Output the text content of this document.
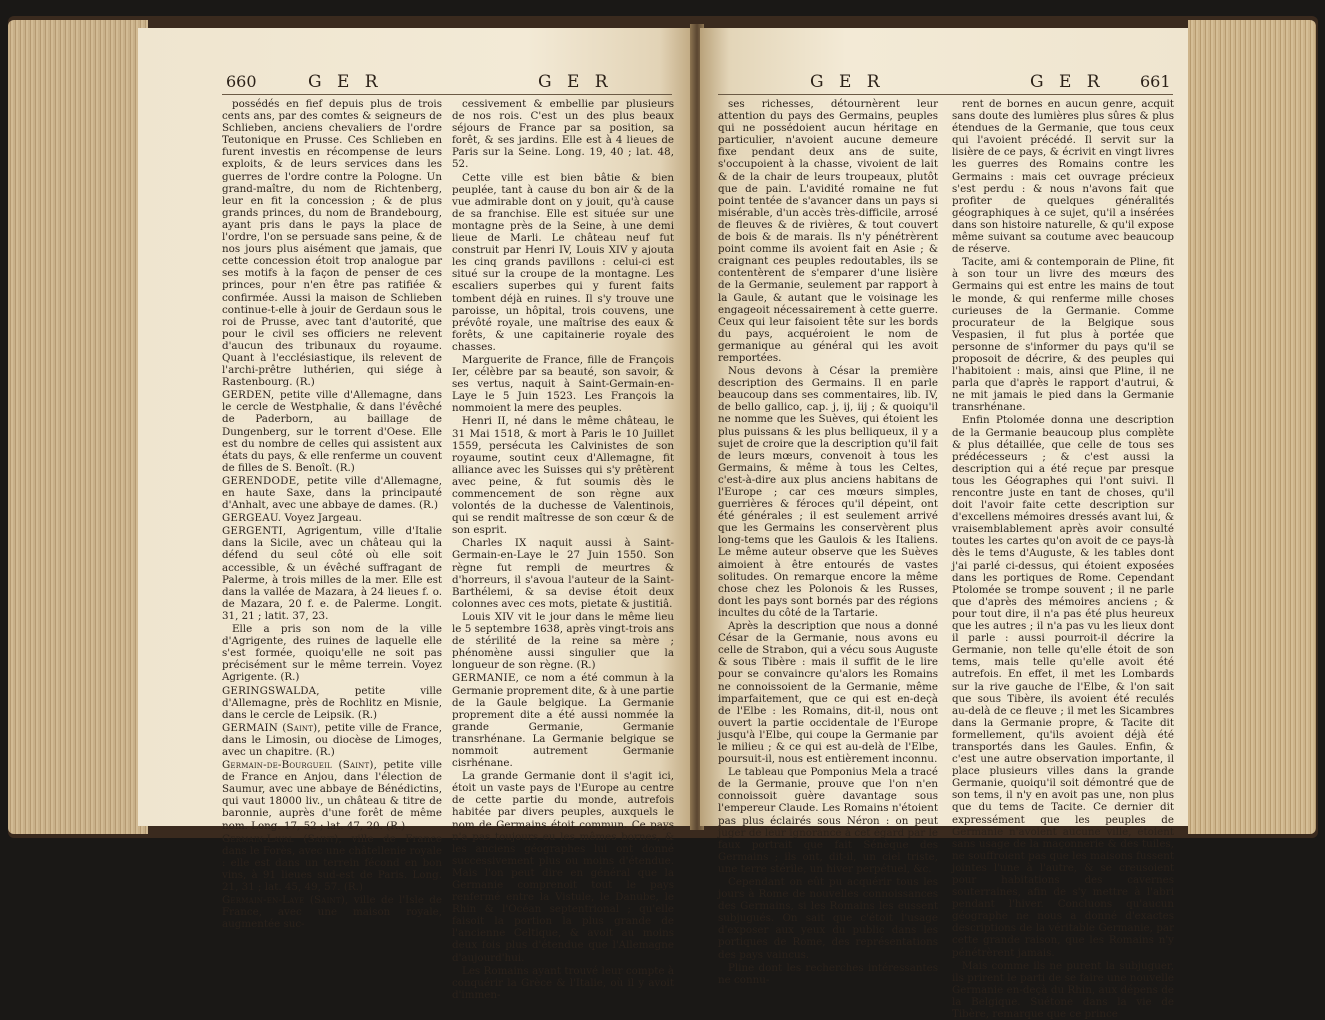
660	G E R	G E R

possédés en fief depuis plus de trois cents ans, par des comtes & seigneurs de Schlieben, anciens chevaliers de l'ordre Teutonique en Prusse. Ces Schlieben en furent investis en récompense de leurs exploits, & de leurs services dans les guerres de l'ordre contre la Pologne. Un grand-maître, du nom de Richtenberg, leur en fit la concession ; & de plus grands princes, du nom de Brandebourg, ayant pris dans le pays la place de l'ordre, l'on se persuade sans peine, & de nos jours plus aisément que jamais, que cette concession étoit trop analogue par ses motifs à la façon de penser de ces princes, pour n'en être pas ratifiée & confirmée. Aussi la maison de Schlieben continue-t-elle à jouir de Gerdaun sous le roi de Prusse, avec tant d'autorité, que pour le civil ses officiers ne relevent d'aucun des tribunaux du royaume. Quant à l'ecclésiastique, ils relevent de l'archi-prêtre luthérien, qui siége à Rastenbourg. (R.)

GERDEN, petite ville d'Allemagne, dans le cercle de Westphalie, & dans l'évêché de Paderborn, au baillage de Dungenberg, sur le torrent d'Oese. Elle est du nombre de celles qui assistent aux états du pays, & elle renferme un couvent de filles de S. Benoît. (R.)

GERENDODE, petite ville d'Allemagne, en haute Saxe, dans la principauté d'Anhalt, avec une abbaye de dames. (R.)

GERGEAU. Voyez Jargeau.

GERGENTI, Agrigentum, ville d'Italie dans la Sicile, avec un château qui la défend du seul côté où elle soit accessible, & un évêché suffragant de Palerme, à trois milles de la mer. Elle est dans la vallée de Mazara, à 24 lieues f. o. de Mazara, 20 f. e. de Palerme. Longit. 31, 21 ; latit. 37, 23.

Elle a pris son nom de la ville d'Agrigente, des ruines de laquelle elle s'est formée, quoiqu'elle ne soit pas précisément sur le même terrein. Voyez Agrigente. (R.)

GERINGSWALDA, petite ville d'Allemagne, près de Rochlitz en Misnie, dans le cercle de Leipsik. (R.)

GERMAIN (Saint), petite ville de France, dans le Limosin, ou diocèse de Limoges, avec un chapitre. (R.)

Germain-de-Bourgueil (Saint), petite ville de France en Anjou, dans l'élection de Saumur, avec une abbaye de Bénédictins, qui vaut 18000 liv., un château & titre de baronnie, auprès d'une forêt de même nom. Long. 17, 52 ; lat. 47, 20. (R.)

Germain-Laval (Saint), ville de France dans le Forès, avec une châtellenie royale : elle est dans un terrein fécond en bon vins, à 91 lieues sud-est de Paris. Long. 21, 31 ; lat. 45, 49, 57. (R.)

Germain-en-Laye (Saint), ville de l'Isle de France, avec une maison royale, augmentée suc-

cessivement & embellie par plusieurs de nos rois. C'est un des plus beaux séjours de France par sa position, sa forêt, & ses jardins. Elle est à 4 lieues de Paris sur la Seine. Long. 19, 40 ; lat. 48, 52.

Cette ville est bien bâtie & bien peuplée, tant à cause du bon air & de la vue admirable dont on y jouit, qu'à cause de sa franchise. Elle est située sur une montagne près de la Seine, à une demi lieue de Marli. Le château neuf fut construit par Henri IV, Louis XIV y ajouta les cinq grands pavillons : celui-ci est situé sur la croupe de la montagne. Les escaliers superbes qui y furent faits tombent déjà en ruines. Il s'y trouve une paroisse, un hôpital, trois couvens, une prévôté royale, une maîtrise des eaux & forêts, & une capitainerie royale des chasses.

Marguerite de France, fille de François Ier, célèbre par sa beauté, son savoir, & ses vertus, naquit à Saint-Germain-en-Laye le 5 Juin 1523. Les François la nommoient la mere des peuples.

Henri II, né dans le même château, le 31 Mai 1518, & mort à Paris le 10 Juillet 1559, persécuta les Calvinistes de son royaume, soutint ceux d'Allemagne, fit alliance avec les Suisses qui s'y prêtèrent avec peine, & fut soumis dès le commencement de son règne aux volontés de la duchesse de Valentinois, qui se rendit maîtresse de son cœur & de son esprit.

Charles IX naquit aussi à Saint-Germain-en-Laye le 27 Juin 1550. Son règne fut rempli de meurtres & d'horreurs, il s'avoua l'auteur de la Saint-Barthélemi, & sa devise étoit deux colonnes avec ces mots, pietate & justitiâ.

Louis XIV vit le jour dans le même lieu le 5 septembre 1638, après vingt-trois ans de stérilité de la reine sa mère ; phénomène aussi singulier que la longueur de son règne. (R.)

GERMANIE, ce nom a été commun à la Germanie proprement dite, & à une partie de la Gaule belgique. La Germanie proprement dite a été aussi nommée la grande Germanie, Germanie transrhénane. La Germanie belgique se nommoit autrement Germanie cisrhénane.

La grande Germanie dont il s'agit ici, étoit un vaste pays de l'Europe au centre de cette partie du monde, autrefois habitée par divers peuples, auxquels le nom de Germains étoit commun. Ce pays n'a pas toujours eu les mêmes bornes, & les anciens géographes lui ont donné successivement plus ou moins d'étendue. Mais l'on peut dire en général que la Germanie comprenoit tout le pays renfermé entre la Vistule, le Danube, le Rhin & l'Océan septentrional ; qu'elle faisoit la portion la plus grande de l'ancienne Celtique, & avoit au moins deux fois plus d'étendue que l'Allemagne d'aujourd'hui.

Les Romains ayant trouvé leur compte à conquérir la Grèce & l'Italie, où il y avoit d'immen-

G E R	G E R 661

ses richesses, détournèrent leur attention du pays des Germains, peuples qui ne possédoient aucun héritage en particulier, n'avoient aucune demeure fixe pendant deux ans de suite, s'occupoient à la chasse, vivoient de lait & de la chair de leurs troupeaux, plutôt que de pain. L'avidité romaine ne fut point tentée de s'avancer dans un pays si misérable, d'un accès très-difficile, arrosé de fleuves & de rivières, & tout couvert de bois & de marais. Ils n'y pénétrèrent point comme ils avoient fait en Asie ; & craignant ces peuples redoutables, ils se contentèrent de s'emparer d'une lisière de la Germanie, seulement par rapport à la Gaule, & autant que le voisinage les engageoit nécessairement à cette guerre. Ceux qui leur faisoient tête sur les bords du pays, acquéroient le nom de germanique au général qui les avoit remportées.

Nous devons à César la première description des Germains. Il en parle beaucoup dans ses commentaires, lib. IV, de bello gallico, cap. j, ij, iij ; & quoiqu'il ne nomme que les Suèves, qui étoient les plus puissans & les plus belliqueux, il y a sujet de croire que la description qu'il fait de leurs mœurs, convenoit à tous les Germains, & même à tous les Celtes, c'est-à-dire aux plus anciens habitans de l'Europe ; car ces mœurs simples, guerrières & féroces qu'il dépeint, ont été générales ; il est seulement arrivé que les Germains les conservèrent plus long-tems que les Gaulois & les Italiens. Le même auteur observe que les Suèves aimoient à être entourés de vastes solitudes. On remarque encore la même chose chez les Polonois & les Russes, dont les pays sont bornés par des régions incultes du côté de la Tartarie.

Après la description que nous a donné César de la Germanie, nous avons eu celle de Strabon, qui a vécu sous Auguste & sous Tibère : mais il suffit de le lire pour se convaincre qu'alors les Romains ne connoissoient de la Germanie, même imparfaitement, que ce qui est en-deçà de l'Elbe : les Romains, dit-il, nous ont ouvert la partie occidentale de l'Europe jusqu'à l'Elbe, qui coupe la Germanie par le milieu ; & ce qui est au-delà de l'Elbe, poursuit-il, nous est entièrement inconnu.

Le tableau que Pomponius Mela a tracé de la Germanie, prouve que l'on n'en connoissoit guère davantage sous l'empereur Claude. Les Romains n'étoient pas plus éclairés sous Néron : on peut juger de leur ignorance à cet égard par le faux portrait que fait Sénèque des Germains ; ils ont, dit-il, un ciel triste, une terre stérile, un hiver perpétuel, &c.

Cependant on eût pu acquérir tous les jours à Rome de nouvelles connoissances des Germains, si les Romains les eussent subjugués. On sait que c'étoit l'usage d'exposer aux yeux du public dans les portiques de Rome, des représentations des pays vaincus.

Pline dont les recherches intéressantes ne connu-

rent de bornes en aucun genre, acquit sans doute des lumières plus sûres & plus étendues de la Germanie, que tous ceux qui l'avoient précédé. Il servit sur la lisière de ce pays, & écrivit en vingt livres les guerres des Romains contre les Germains : mais cet ouvrage précieux s'est perdu : & nous n'avons fait que profiter de quelques généralités géographiques à ce sujet, qu'il a insérées dans son histoire naturelle, & qu'il expose même suivant sa coutume avec beaucoup de réserve.

Tacite, ami & contemporain de Pline, fit à son tour un livre des mœurs des Germains qui est entre les mains de tout le monde, & qui renferme mille choses curieuses de la Germanie. Comme procurateur de la Belgique sous Vespasien, il fut plus à portée que personne de s'informer du pays qu'il se proposoit de décrire, & des peuples qui l'habitoient : mais, ainsi que Pline, il ne parla que d'après le rapport d'autrui, & ne mit jamais le pied dans la Germanie transrhénane.

Enfin Ptolomée donna une description de la Germanie beaucoup plus complète & plus détaillée, que celle de tous ses prédécesseurs ; & c'est aussi la description qui a été reçue par presque tous les Géographes qui l'ont suivi. Il rencontre juste en tant de choses, qu'il doit l'avoir faite cette description sur d'excellens mémoires dressés avant lui, & vraisemblablement après avoir consulté toutes les cartes qu'on avoit de ce pays-là dès le tems d'Auguste, & les tables dont j'ai parlé ci-dessus, qui étoient exposées dans les portiques de Rome. Cependant Ptolomée se trompe souvent ; il ne parle que d'après des mémoires anciens ; & pour tout dire, il n'a pas été plus heureux que les autres ; il n'a pas vu les lieux dont il parle : aussi pourroit-il décrire la Germanie, non telle qu'elle étoit de son tems, mais telle qu'elle avoit été autrefois. En effet, il met les Lombards sur la rive gauche de l'Elbe, & l'on sait que sous Tibère, ils avoient été reculés au-delà de ce fleuve ; il met les Sicambres dans la Germanie propre, & Tacite dit formellement, qu'ils avoient déjà été transportés dans les Gaules. Enfin, & c'est une autre observation importante, il place plusieurs villes dans la grande Germanie, quoiqu'il soit démontré que de son tems, il n'y en avoit pas une, non plus que du tems de Tacite. Ce dernier dit expressément que les peuples de Germanie n'avoient aucune ville, étoient sans usage de la maçonnerie & des tuiles, ne souffroient pas que les maisons fussent jointes l'une à l'autre, & se creusoient pour habitations des cavernes souterraines, afin de s'y mettre à l'abri pendant l'hiver. Concluons qu'aucun géographe ne nous a donné d'exactes descriptions de la véritable Germanie, par cette grande raison, que les Romains n'y pénétrèrent jamais.

Mais comme ils ne purent la subjuguer, ils prirent le parti de se faire une nouvelle Germanie en-deçà du Rhin, aux dépens de la Belgique. Suétone dans la vie de Tibère, remarque que ce prince
